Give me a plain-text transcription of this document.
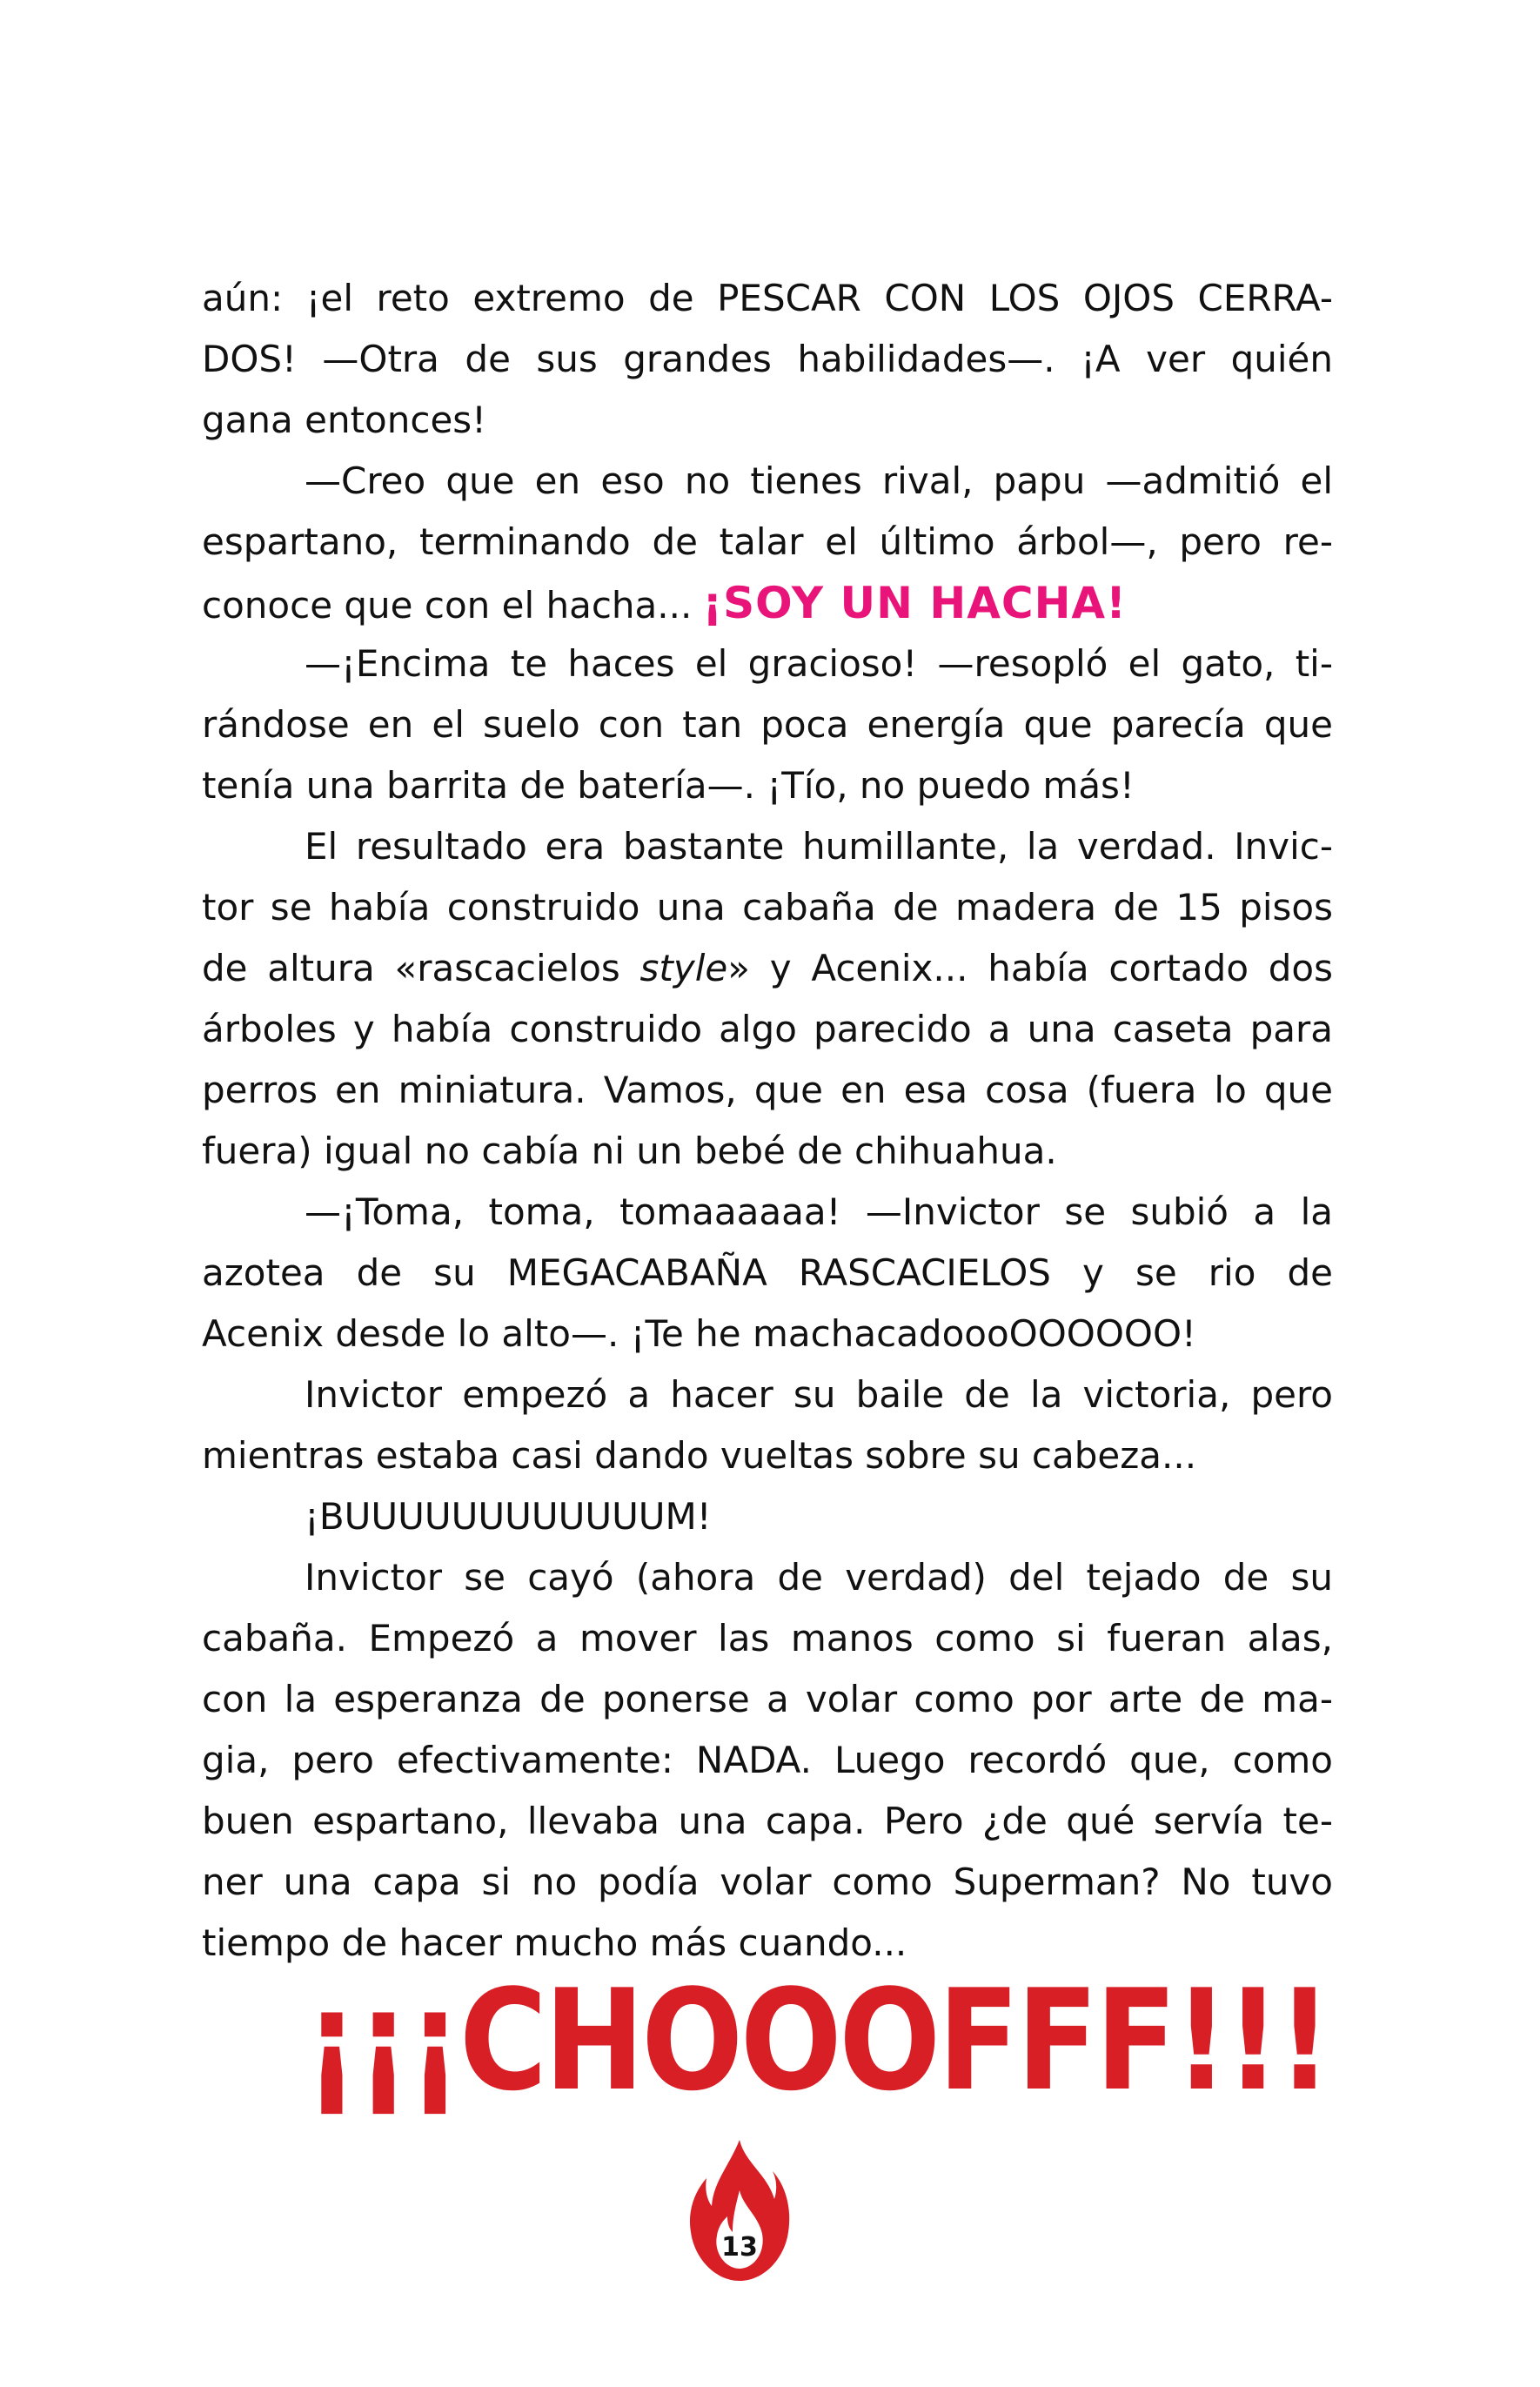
aún: ¡el reto extremo de PESCAR CON LOS OJOS CERRA-
DOS! —Otra de sus grandes habilidades—. ¡A ver quién
gana entonces!
—Creo que en eso no tienes rival, papu —admitió el
espartano, terminando de talar el último árbol—, pero re-
conoce que con el hacha... ¡SOY UN HACHA!
—¡Encima te haces el gracioso! —resopló el gato, ti-
rándose en el suelo con tan poca energía que parecía que
tenía una barrita de batería—. ¡Tío, no puedo más!
El resultado era bastante humillante, la verdad. Invic-
tor se había construido una cabaña de madera de 15 pisos
de altura «rascacielos style» y Acenix... había cortado dos
árboles y había construido algo parecido a una caseta para
perros en miniatura. Vamos, que en esa cosa (fuera lo que
fuera) igual no cabía ni un bebé de chihuahua.
—¡Toma, toma, tomaaaaaa! —Invictor se subió a la
azotea de su MEGACABAÑA RASCACIELOS y se rio de
Acenix desde lo alto—. ¡Te he machacadoooOOOOOO!
Invictor empezó a hacer su baile de la victoria, pero
mientras estaba casi dando vueltas sobre su cabeza...
¡BUUUUUUUUUUUUM!
Invictor se cayó (ahora de verdad) del tejado de su
cabaña. Empezó a mover las manos como si fueran alas,
con la esperanza de ponerse a volar como por arte de ma-
gia, pero efectivamente: NADA. Luego recordó que, como
buen espartano, llevaba una capa. Pero ¿de qué servía te-
ner una capa si no podía volar como Superman? No tuvo
tiempo de hacer mucho más cuando...
¡¡¡CHOOOFFF!!!
13
